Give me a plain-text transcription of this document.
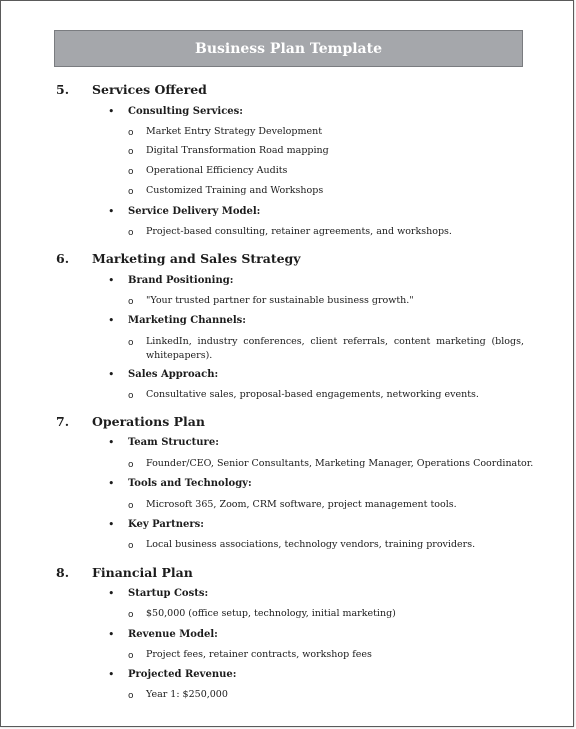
Business Plan Template
5. Services Offered
• Consulting Services:
o Market Entry Strategy Development
o Digital Transformation Road mapping
o Operational Efficiency Audits
o Customized Training and Workshops
• Service Delivery Model:
o Project-based consulting, retainer agreements, and workshops.
6. Marketing and Sales Strategy
• Brand Positioning:
o "Your trusted partner for sustainable business growth."
• Marketing Channels:
o LinkedIn, industry conferences, client referrals, content marketing (blogs, whitepapers).
• Sales Approach:
o Consultative sales, proposal-based engagements, networking events.
7. Operations Plan
• Team Structure:
o Founder/CEO, Senior Consultants, Marketing Manager, Operations Coordinator.
• Tools and Technology:
o Microsoft 365, Zoom, CRM software, project management tools.
• Key Partners:
o Local business associations, technology vendors, training providers.
8. Financial Plan
• Startup Costs:
o $50,000 (office setup, technology, initial marketing)
• Revenue Model:
o Project fees, retainer contracts, workshop fees
• Projected Revenue:
o Year 1: $250,000
